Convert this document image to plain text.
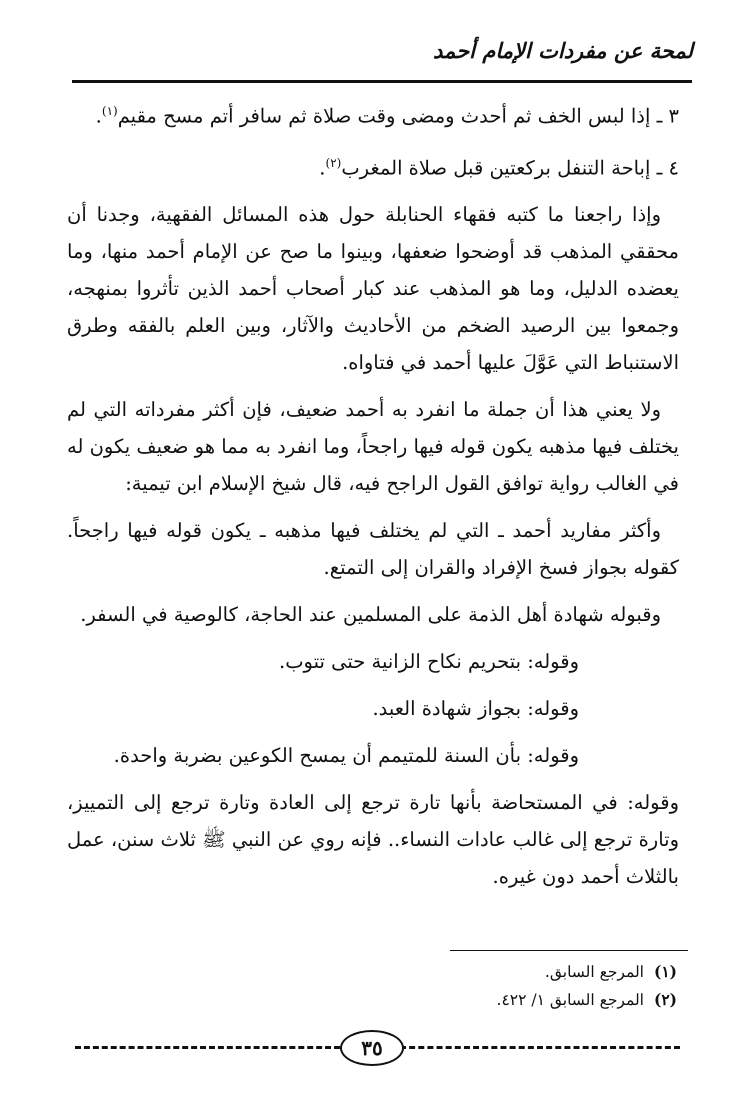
لمحة عن مفردات الإمام أحمد

٣ ـ إذا لبس الخف ثم أحدث ومضى وقت صلاة ثم سافر أتم مسح مقيم$^{(١)}$.

٤ ـ إباحة التنفل بركعتين قبل صلاة المغرب$^{(٢)}$.

وإذا راجعنا ما كتبه فقهاء الحنابلة حول هذه المسائل الفقهية، وجدنا أن محققي المذهب قد أوضحوا ضعفها، وبينوا ما صح عن الإمام أحمد منها، وما يعضده الدليل، وما هو المذهب عند كبار أصحاب أحمد الذين تأثروا بمنهجه، وجمعوا بين الرصيد الضخم من الأحاديث والآثار، وبين العلم بالفقه وطرق الاستنباط التي عَوَّلَ عليها أحمد في فتاواه.

ولا يعني هذا أن جملة ما انفرد به أحمد ضعيف، فإن أكثر مفرداته التي لم يختلف فيها مذهبه يكون قوله فيها راجحاً، وما انفرد به مما هو ضعيف يكون له في الغالب رواية توافق القول الراجح فيه، قال شيخ الإسلام ابن تيمية:

وأكثر مفاريد أحمد ـ التي لم يختلف فيها مذهبه ـ يكون قوله فيها راجحاً. كقوله بجواز فسخ الإفراد والقران إلى التمتع.

وقبوله شهادة أهل الذمة على المسلمين عند الحاجة، كالوصية في السفر.

وقوله: بتحريم نكاح الزانية حتى تتوب.

وقوله: بجواز شهادة العبد.

وقوله: بأن السنة للمتيمم أن يمسح الكوعين بضربة واحدة.

وقوله: في المستحاضة بأنها تارة ترجع إلى العادة وتارة ترجع إلى التمييز، وتارة ترجع إلى غالب عادات النساء.. فإنه روي عن النبي ﷺ ثلاث سنن، عمل بالثلاث أحمد دون غيره.

(١)المرجع السابق.

(٢)المرجع السابق ١/ ٤٢٢.

٣٥
